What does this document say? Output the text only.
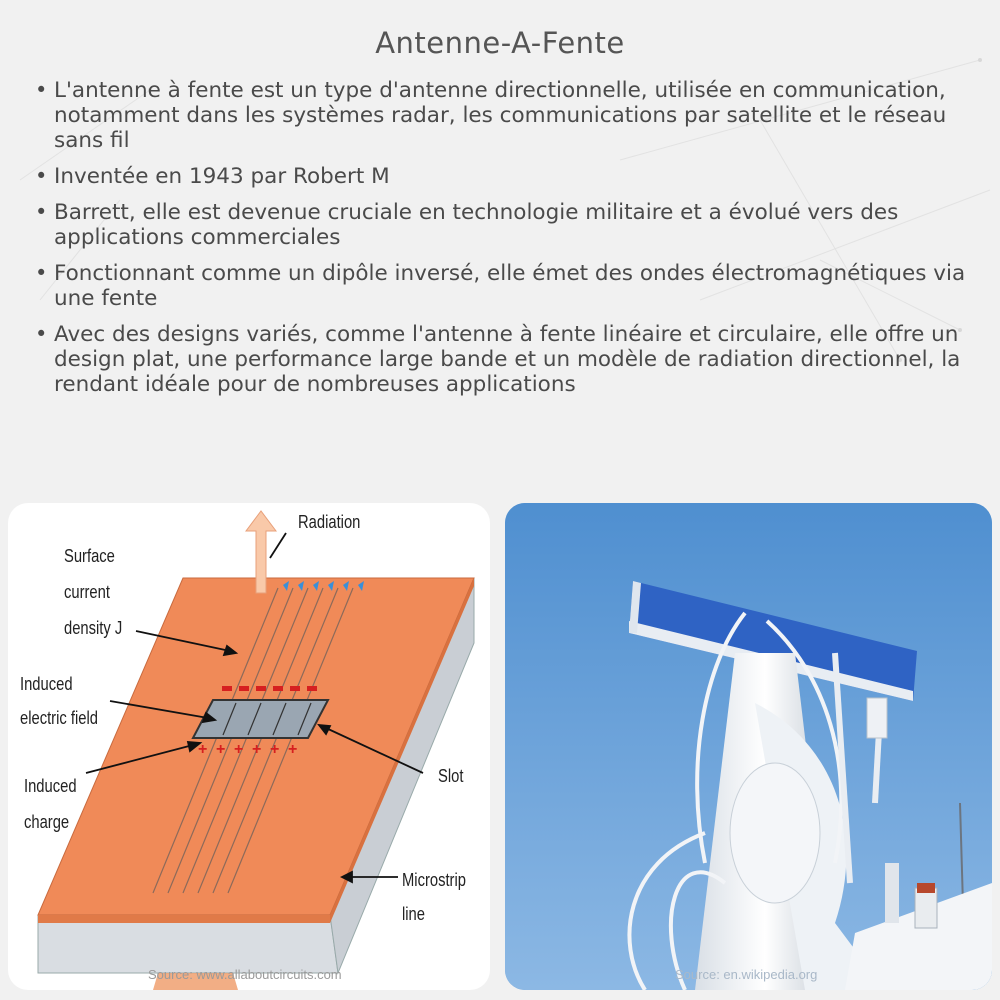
Antenne-A-Fente
• L'antenne à fente est un type d'antenne directionnelle, utilisée en communication, notamment dans les systèmes radar, les communications par satellite et le réseau sans fil
• Inventée en 1943 par Robert M
• Barrett, elle est devenue cruciale en technologie militaire et a évolué vers des applications commerciales
• Fonctionnant comme un dipôle inversé, elle émet des ondes électromagnétiques via une fente
• Avec des designs variés, comme l'antenne à fente linéaire et circulaire, elle offre un design plat, une performance large bande et un modèle de radiation directionnel, la rendant idéale pour de nombreuses applications
+ + + + + +
Radiation
Surface
current
density J
Induced
electric field
Induced
charge
Slot
Microstrip
line
Source: www.allaboutcircuits.com	Source: en.wikipedia.org
